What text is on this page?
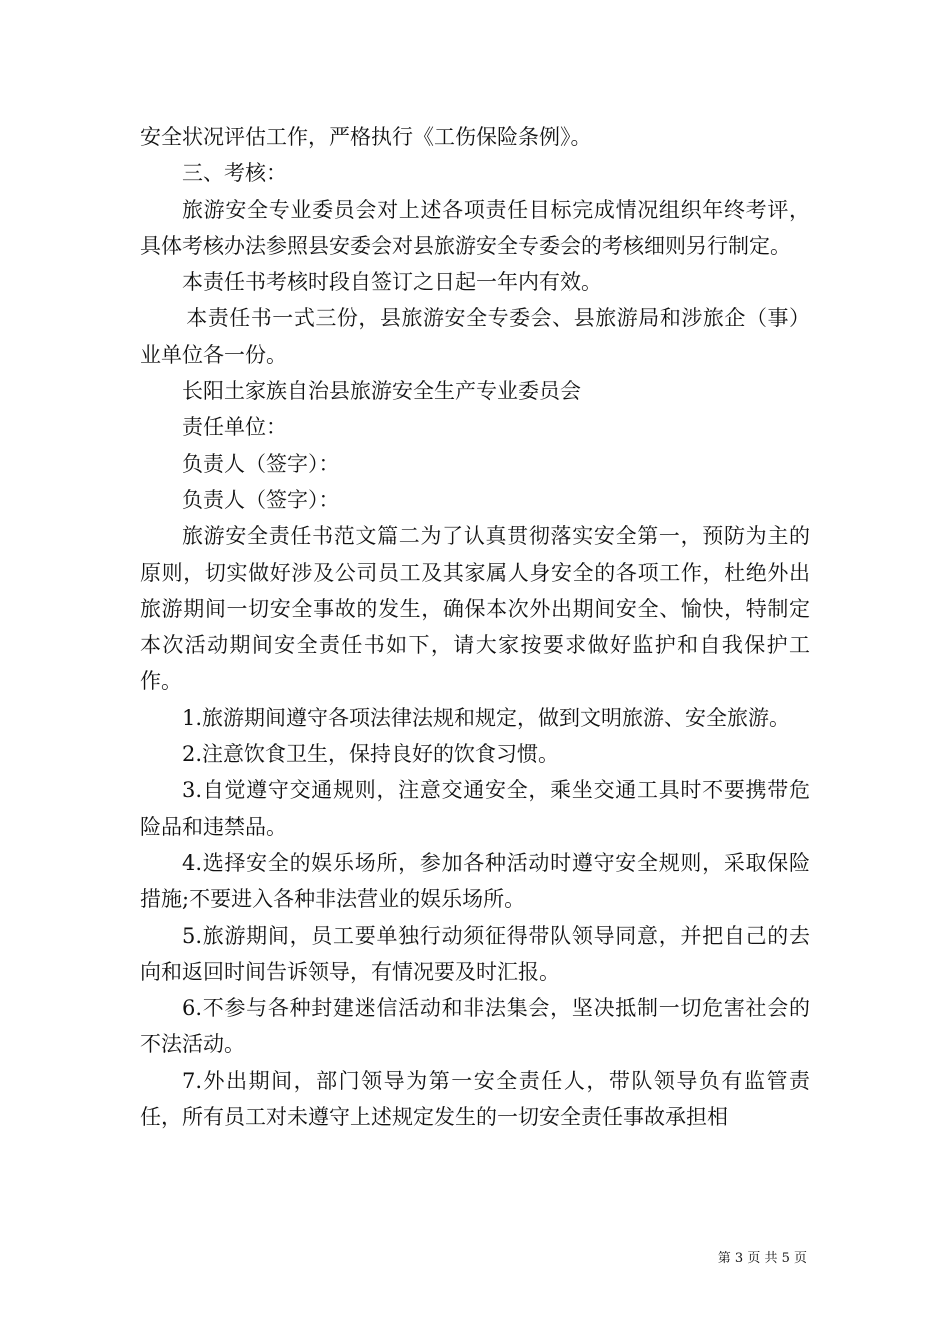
安全状况评估工作，严格执行《工伤保险条例》。

三、考核：

旅游安全专业委员会对上述各项责任目标完成情况组织年终考评，具体考核办法参照县安委会对县旅游安全专委会的考核细则另行制定。

本责任书考核时段自签订之日起一年内有效。

本责任书一式三份，县旅游安全专委会、县旅游局和涉旅企（事）业单位各一份。

长阳土家族自治县旅游安全生产专业委员会

责任单位：

负责人（签字）：

负责人（签字）：

旅游安全责任书范文篇二为了认真贯彻落实安全第一，预防为主的原则，切实做好涉及公司员工及其家属人身安全的各项工作，杜绝外出旅游期间一切安全事故的发生，确保本次外出期间安全、愉快，特制定本次活动期间安全责任书如下，请大家按要求做好监护和自我保护工作。

1.旅游期间遵守各项法律法规和规定，做到文明旅游、安全旅游。

2.注意饮食卫生，保持良好的饮食习惯。

3.自觉遵守交通规则，注意交通安全，乘坐交通工具时不要携带危险品和违禁品。

4.选择安全的娱乐场所，参加各种活动时遵守安全规则，采取保险措施;不要进入各种非法营业的娱乐场所。

5.旅游期间，员工要单独行动须征得带队领导同意，并把自己的去向和返回时间告诉领导，有情况要及时汇报。

6.不参与各种封建迷信活动和非法集会，坚决抵制一切危害社会的不法活动。

7.外出期间，部门领导为第一安全责任人，带队领导负有监管责任，所有员工对未遵守上述规定发生的一切安全责任事故承担相

第 3 页 共 5 页
